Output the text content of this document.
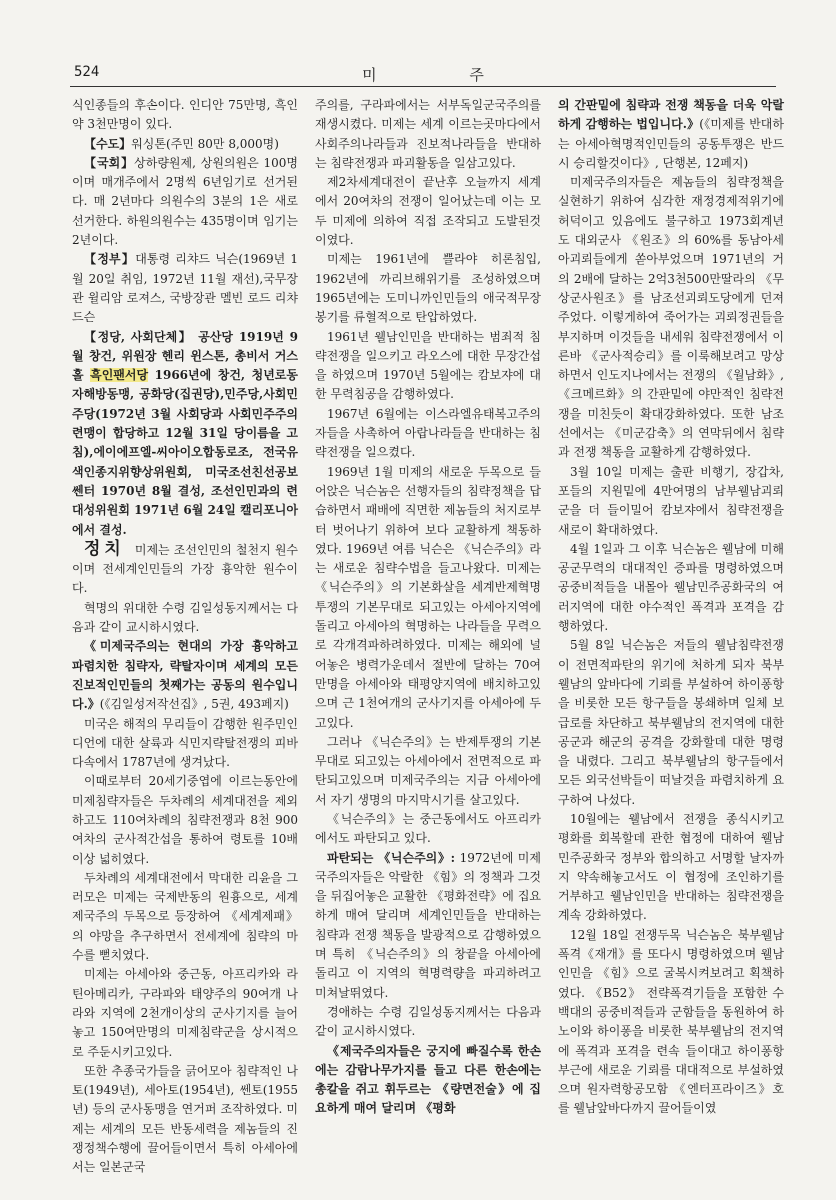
524	미 주

식인종들의 후손이다. 인디안 75만명, 흑인 약 3천만명이 있다.

【수도】워싱톤(주민 80만 8,000명)

【국회】상하량원제, 상원의원은 100명이며 매개주에서 2명씩 6년임기로 선거된다. 매 2년마다 의원수의 3분의 1은 새로 선거한다. 하원의원수는 435명이며 임기는 2년이다.

【정부】대통령 리챠드 닉슨(1969년 1월 20일 취임, 1972년 11월 재선),국무장관 윌리암 로져스, 국방장관 멜빈 로드 리챠드슨

【정당, 사회단체】 공산당 1919년 9월 창건, 위원장 헨리 윈스톤, 총비서 거스 홀 흑인팬서당 1966년에 창건, 청년로동자해방동맹, 공화당(집권당),민주당,사회민주당(1972년 3월 사회당과 사회민주주의련맹이 합당하고 12월 31일 당이름을 고침),에이에프엘-씨아이오합동로조, 전국유색인종지위향상위원회, 미국조선친선공보쎈터 1970년 8월 결성, 조선인민과의 련대성위원회 1971년 6월 24일 캘리포니아에서 결성.

정치 미제는 조선인민의 철천지 원수이며 전세계인민들의 가장 흉악한 원수이다.

혁명의 위대한 수령 김일성동지께서는 다음과 같이 교시하시였다.

《미제국주의는 현대의 가장 흉악하고 파렴치한 침략자, 략탈자이며 세계의 모든 진보적인민들의 첫째가는 공동의 원수입니다.》(《김일성저작선집》, 5권, 493페지)

미국은 해적의 무리들이 감행한 원주민인디언에 대한 살륙과 식민지략탈전쟁의 피바다속에서 1787년에 생겨났다.

이때로부터 20세기중엽에 이르는동안에 미제침략자들은 두차례의 세계대전을 제외하고도 110여차례의 침략전쟁과 8천 900여차의 군사적간섭을 통하여 령토를 10배이상 넓히였다.

두차례의 세계대전에서 막대한 리윤을 그러모은 미제는 국제반동의 원흉으로, 세계제국주의 두목으로 등장하여 《세계제패》의 야망을 추구하면서 전세계에 침략의 마수를 뻗치였다.

미제는 아세아와 중근동, 아프리카와 라틴아메리카, 구라파와 태양주의 90여개 나라와 지역에 2천개이상의 군사기지를 늘어놓고 150여만명의 미제침략군을 상시적으로 주둔시키고있다.

또한 추종국가들을 긁어모아 침략적인 나토(1949년), 세아토(1954년), 쎈토(1955년) 등의 군사동맹을 연거퍼 조작하였다. 미제는 세계의 모든 반동세력을 제놈들의 진쟁정책수행에 끌어들이면서 특히 아세아에서는 일본군국

주의를, 구라파에서는 서부독일군국주의를 재생시켰다. 미제는 세계 이르는곳마다에서 사회주의나라들과 진보적나라들을 반대하는 침략전쟁과 파괴활동을 일삼고있다.

제2차세계대전이 끝난후 오늘까지 세계에서 20여차의 전쟁이 일어났는데 이는 모두 미제에 의하여 직접 조작되고 도발된것이였다.

미제는 1961년에 쁠라야 히론침입, 1962년에 까리브해위기를 조성하였으며 1965년에는 도미니까인민들의 애국적무장봉기를 류혈적으로 탄압하였다.

1961년 웰남인민을 반대하는 범죄적 침략전쟁을 일으키고 라오스에 대한 무장간섭을 하였으며 1970년 5월에는 캄보쟈에 대한 무력침공을 감행하였다.

1967년 6월에는 이스라엘유태복고주의자들을 사촉하여 아랍나라들을 반대하는 침략전쟁을 일으켰다.

1969년 1월 미제의 새로운 두목으로 들어앉은 닉슨놈은 선행자들의 침략정책을 답습하면서 패배에 직면한 제놈들의 처지로부터 벗어나기 위하여 보다 교활하게 책동하였다. 1969년 여름 닉슨은 《닉슨주의》라는 새로운 침략수법을 들고나왔다. 미제는 《닉슨주의》의 기본화살을 세계반제혁명투쟁의 기본무대로 되고있는 아세아지역에 돌리고 아세아의 혁명하는 나라들을 무력으로 각개격파하려하였다. 미제는 해외에 널어놓은 병력가운데서 절반에 달하는 70여만명을 아세아와 태평양지역에 배치하고있으며 근 1천여개의 군사기지를 아세아에 두고있다.

그러나 《닉슨주의》는 반제투쟁의 기본무대로 되고있는 아세아에서 전면적으로 파탄되고있으며 미제국주의는 지금 아세아에서 자기 생명의 마지막시기를 살고있다.

《닉슨주의》는 중근동에서도 아프리카에서도 파탄되고 있다.

파탄되는 《닉슨주의》: 1972년에 미제국주의자들은 악랄한 《힘》의 정책과 그것을 뒤집어놓은 교활한 《평화전략》에 집요하게 매여 달리며 세계인민들을 반대하는 침략과 전쟁 책동을 발광적으로 감행하였으며 특히 《닉슨주의》의 창끝을 아세아에 돌리고 이 지역의 혁명력량을 파괴하려고 미쳐날뛰였다.

경애하는 수령 김일성동지께서는 다음과 같이 교시하시였다.

《제국주의자들은 궁지에 빠질수록 한손에는 감람나무가지를 들고 다른 한손에는 총칼을 쥐고 휘두르는 《량면전술》에 집요하게 매여 달리며 《평화

의 간판밑에 침략과 전쟁 책동을 더욱 악랄하게 감행하는 법입니다.》(《미제를 반대하는 아세아혁명적인민들의 공동투쟁은 반드시 승리할것이다》, 단행본, 12페지)

미제국주의자들은 제놈들의 침략정책을 실현하기 위하여 심각한 재정경제적위기에 허덕이고 있음에도 불구하고 1973회계년도 대외군사 《원조》의 60%를 동남아세아괴뢰들에게 쏟아부었으며 1971년의 거의 2배에 달하는 2억3천500만딸라의 《무상군사원조》를 남조선괴뢰도당에게 던져주었다. 이렇게하여 죽어가는 괴뢰정권들을 부지하며 이것들을 내세워 침략전쟁에서 이른바 《군사적승리》를 이룩해보려고 망상하면서 인도지나에서는 전쟁의 《월남화》, 《크메르화》의 간판밑에 야만적인 침략전쟁을 미친듯이 확대강화하였다. 또한 남조선에서는 《미군감축》의 연막뒤에서 침략과 전쟁 책동을 교활하게 감행하였다.

3월 10일 미제는 출판 비행기, 장갑차, 포들의 지원밑에 4만여명의 남부웰남괴뢰군을 더 들이밀어 캄보쟈에서 침략전쟁을 새로이 확대하였다.

4월 1일과 그 이후 닉슨놈은 웰남에 미해공군무력의 대대적인 증파를 명령하였으며 공중비적들을 내몰아 웰남민주공화국의 여러지역에 대한 야수적인 폭격과 포격을 감행하였다.

5월 8일 닉슨놈은 저들의 웰남침략전쟁이 전면적파탄의 위기에 처하게 되자 북부웰남의 앞바다에 기뢰를 부설하여 하이퐁항을 비롯한 모든 항구들을 봉쇄하며 일체 보급로를 차단하고 북부웰남의 전지역에 대한 공군과 해군의 공격을 강화할데 대한 명령을 내렸다. 그리고 북부웰남의 항구들에서 모든 외국선박들이 떠날것을 파렴치하게 요구하여 나섰다.

10월에는 웰남에서 전쟁을 종식시키고 평화를 회복할데 관한 협정에 대하여 웰남민주공화국 정부와 합의하고 서명할 날자까지 약속해놓고서도 이 협정에 조인하기를 거부하고 웰남인민을 반대하는 침략전쟁을 계속 강화하였다.

12월 18일 전쟁두목 닉슨놈은 북부웰남폭격《재개》를 또다시 명령하였으며 웰남인민을 《힘》으로 굴복시켜보려고 획책하였다. 《B52》 전략폭격기들을 포함한 수백대의 공중비적들과 군함들을 동원하여 하노이와 하이퐁을 비롯한 북부웰남의 전지역에 폭격과 포격을 련속 들이대고 하이퐁항 부근에 새로운 기뢰를 대대적으로 부설하였으며 원자력항공모함 《엔터프라이즈》호를 웰남앞바다까지 끌어들이였
